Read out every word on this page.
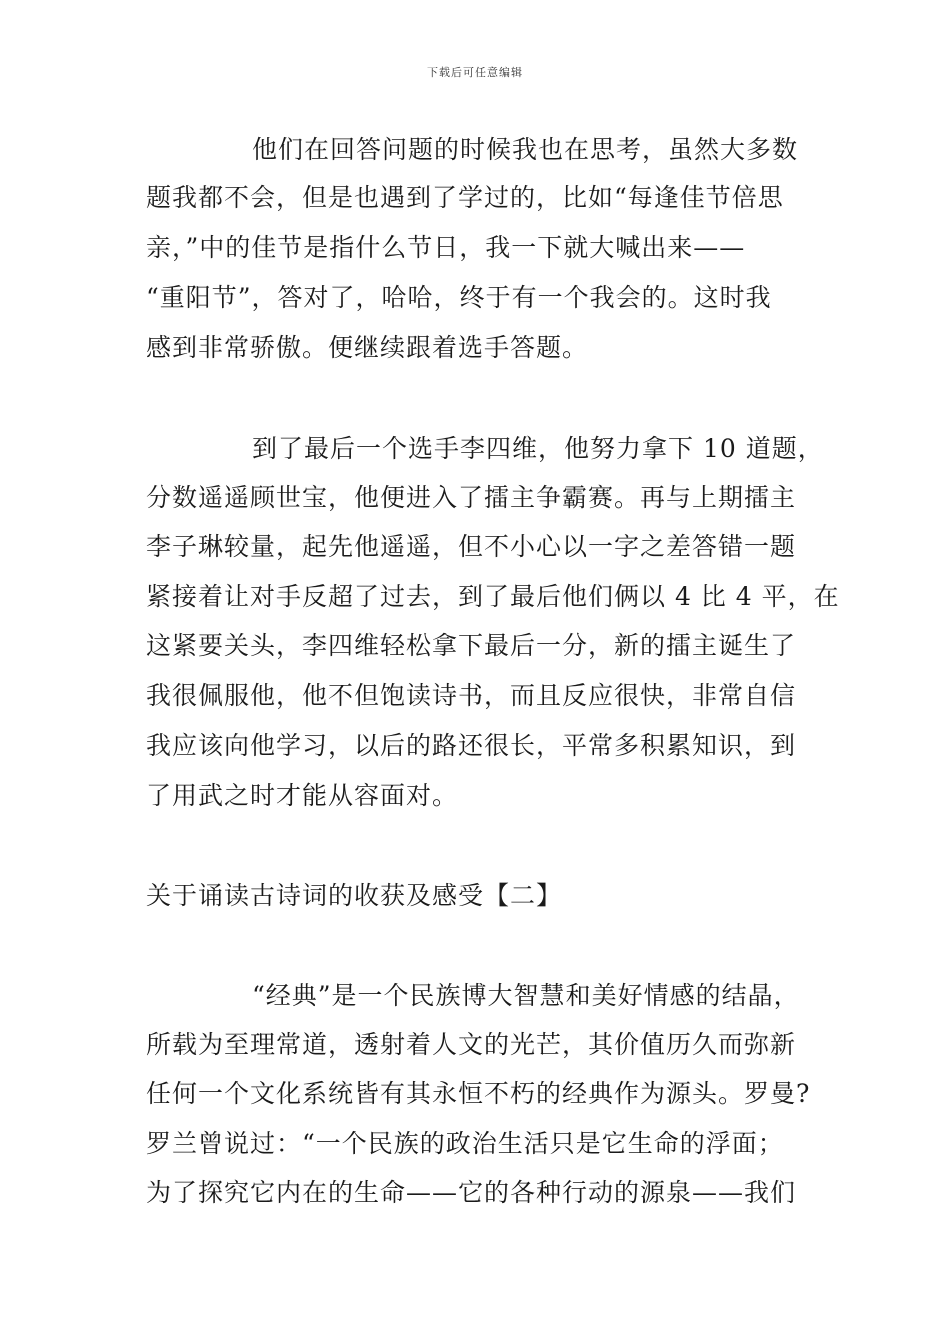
下载后可任意编辑
他们在回答问题的时候我也在思考，虽然大多数
题我都不会，但是也遇到了学过的，比如“每逢佳节倍思
亲，”中的佳节是指什么节日，我一下就大喊出来——
“重阳节”，答对了，哈哈，终于有一个我会的。这时我
感到非常骄傲。便继续跟着选手答题。
到了最后一个选手李四维，他努力拿下 10 道题，
分数遥遥顾世宝，他便进入了擂主争霸赛。再与上期擂主
李子琳较量，起先他遥遥，但不小心以一字之差答错一题
紧接着让对手反超了过去，到了最后他们俩以 4 比 4 平，在
这紧要关头，李四维轻松拿下最后一分，新的擂主诞生了
我很佩服他，他不但饱读诗书，而且反应很快，非常自信
我应该向他学习，以后的路还很长，平常多积累知识，到
了用武之时才能从容面对。
关于诵读古诗词的收获及感受【二】
“经典”是一个民族博大智慧和美好情感的结晶，
所载为至理常道，透射着人文的光芒，其价值历久而弥新
任何一个文化系统皆有其永恒不朽的经典作为源头。罗曼?
罗兰曾说过：“一个民族的政治生活只是它生命的浮面；
为了探究它内在的生命——它的各种行动的源泉——我们
